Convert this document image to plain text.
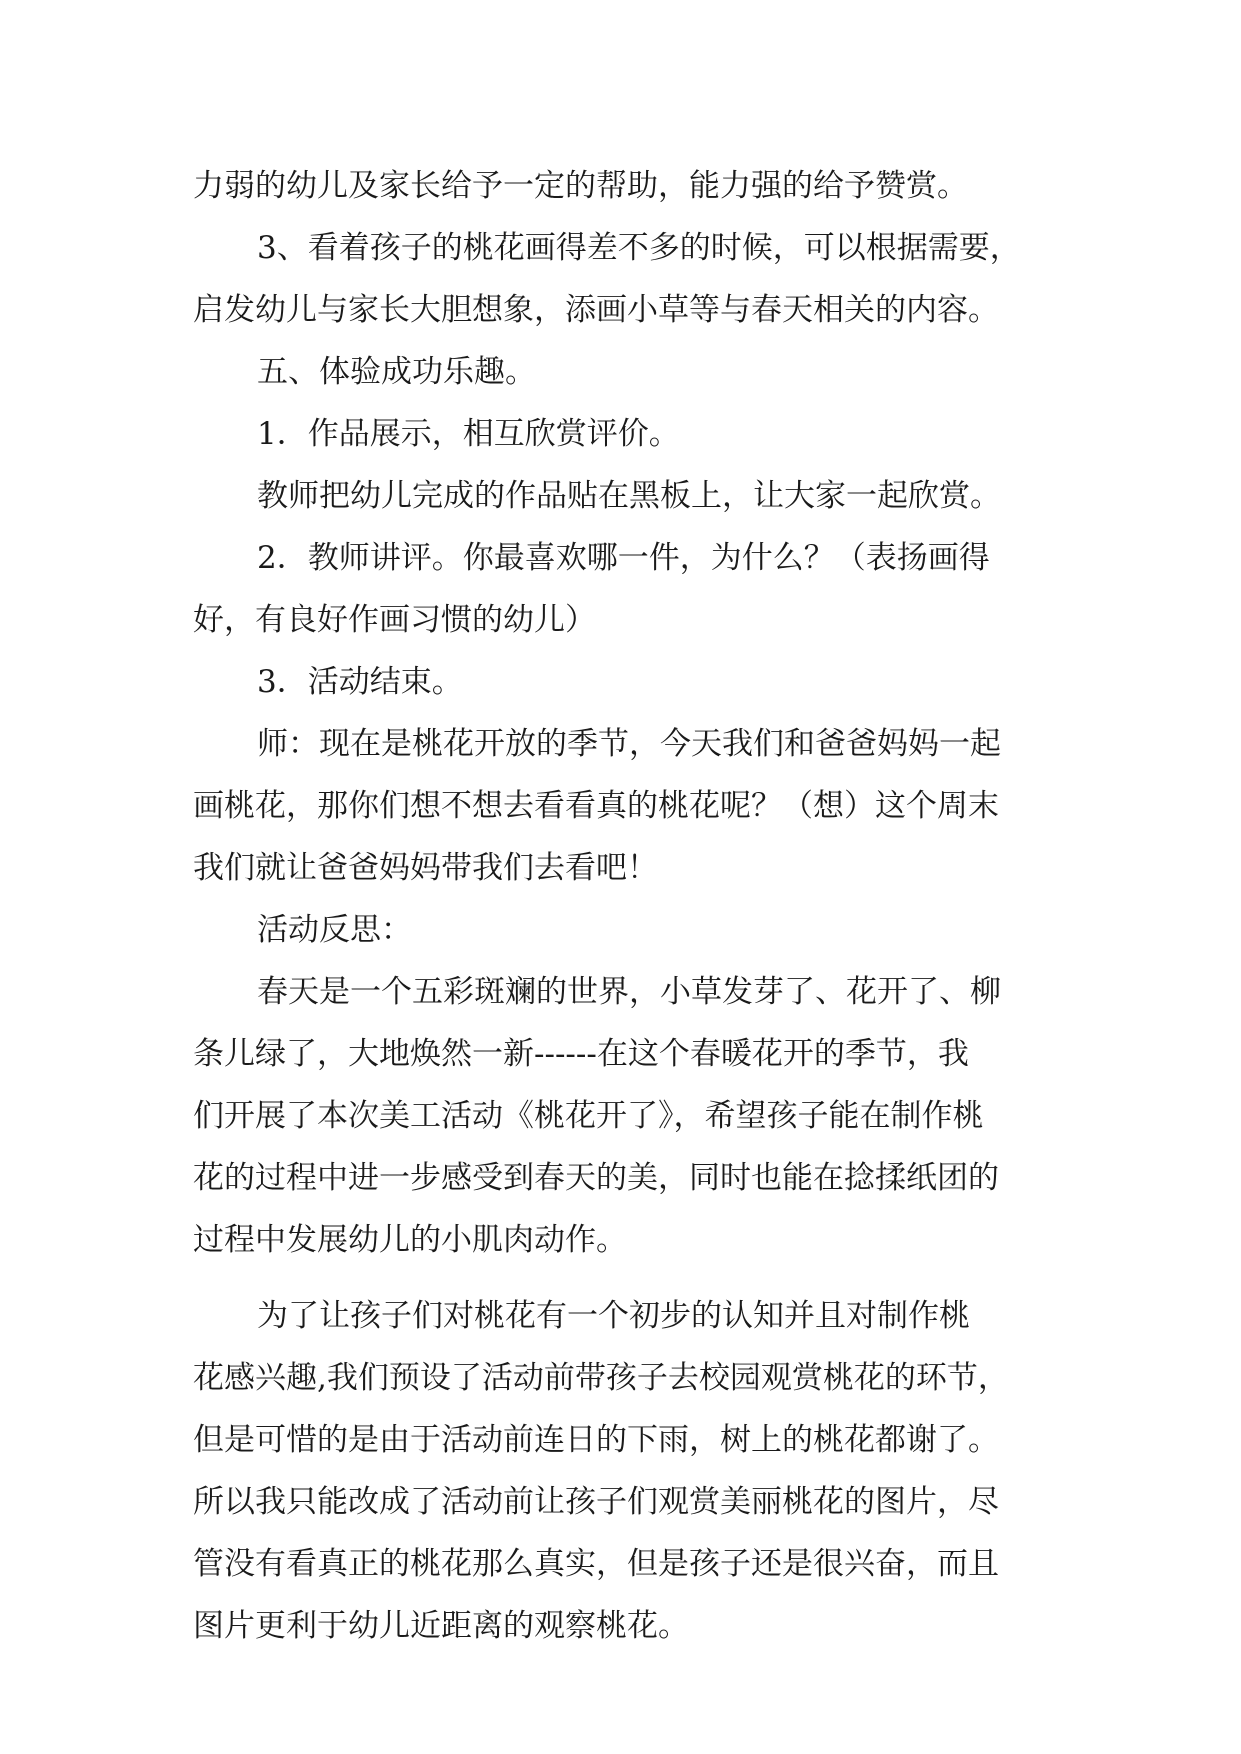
力弱的幼儿及家长给予一定的帮助，能力强的给予赞赏。
3、看着孩子的桃花画得差不多的时候，可以根据需要，
启发幼儿与家长大胆想象，添画小草等与春天相关的内容。
五、体验成功乐趣。
1．作品展示，相互欣赏评价。
教师把幼儿完成的作品贴在黑板上，让大家一起欣赏。
2．教师讲评。你最喜欢哪一件，为什么？（表扬画得
好，有良好作画习惯的幼儿）
3．活动结束。
师：现在是桃花开放的季节，今天我们和爸爸妈妈一起
画桃花，那你们想不想去看看真的桃花呢？（想）这个周末
我们就让爸爸妈妈带我们去看吧！
活动反思：
春天是一个五彩斑斓的世界，小草发芽了、花开了、柳
条儿绿了，大地焕然一新------在这个春暖花开的季节，我
们开展了本次美工活动《桃花开了》，希望孩子能在制作桃
花的过程中进一步感受到春天的美，同时也能在捻揉纸团的
过程中发展幼儿的小肌肉动作。
为了让孩子们对桃花有一个初步的认知并且对制作桃
花感兴趣,我们预设了活动前带孩子去校园观赏桃花的环节，
但是可惜的是由于活动前连日的下雨，树上的桃花都谢了。
所以我只能改成了活动前让孩子们观赏美丽桃花的图片，尽
管没有看真正的桃花那么真实，但是孩子还是很兴奋，而且
图片更利于幼儿近距离的观察桃花。
